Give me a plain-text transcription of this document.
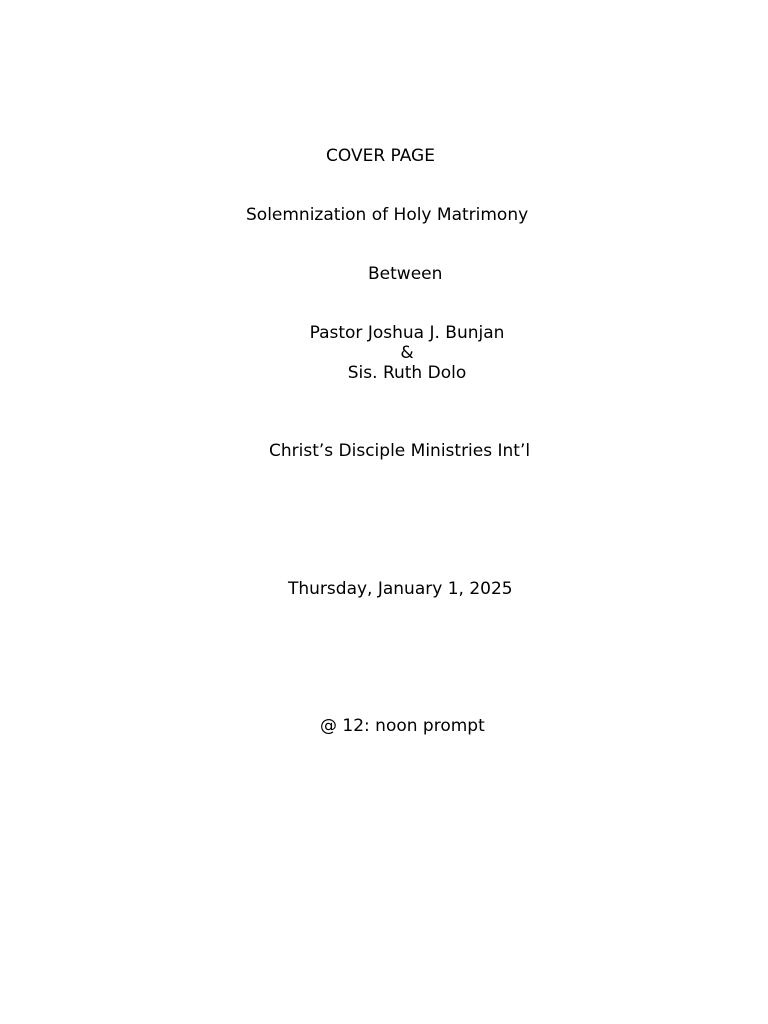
COVER PAGE
Solemnization of Holy Matrimony
Between
Pastor Joshua J. Bunjan
&
Sis. Ruth Dolo
Christ’s Disciple Ministries Int’l
Thursday, January 1, 2025
@ 12: noon prompt
